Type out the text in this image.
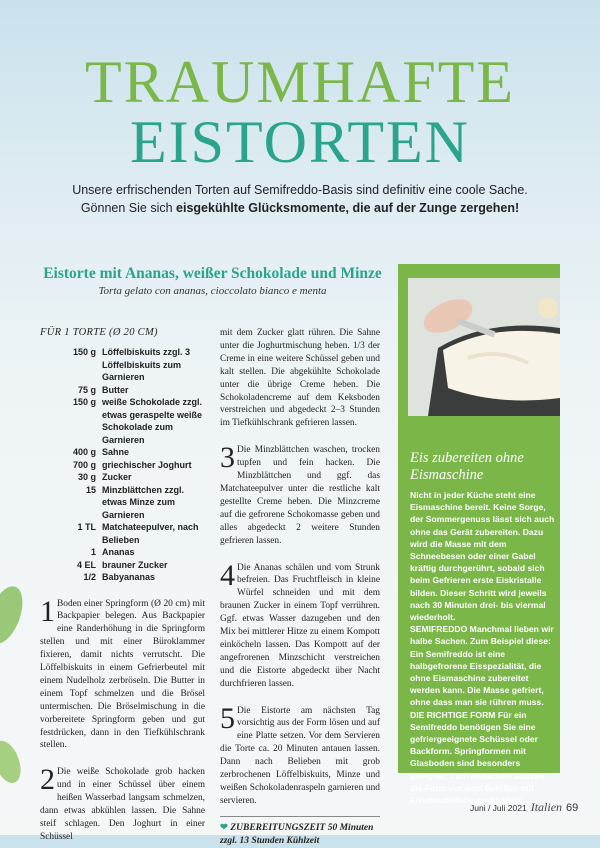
TRAUMHAFTE
EISTORTEN
Unsere erfrischenden Torten auf Semifreddo-Basis sind definitiv eine coole Sache.
Gönnen Sie sich eisgekühlte Glücksmomente, die auf der Zunge zergehen!
Eistorte mit Ananas, weißer Schokolade und Minze
Torta gelato con ananas, cioccolato bianco e menta
FÜR 1 TORTE (Ø 20 CM)
150 g Löffelbiskuits zzgl. 3 Löffelbiskuits zum Garnieren
75 g Butter
150 g weiße Schokolade zzgl. etwas geraspelte weiße Schokolade zum Garnieren
400 g Sahne
700 g griechischer Joghurt
30 g Zucker
15 Minzblättchen zzgl. etwas Minze zum Garnieren
1 TL Matchateepulver, nach Belieben
1 Ananas
4 EL brauner Zucker
1/2 Babyananas
1 Boden einer Springform (Ø 20 cm) mit Backpapier belegen. Aus Backpapier eine Randerhöhung in die Springform stellen und mit einer Büroklammer fixieren, damit nichts verrutscht. Die Löffelbiskuits in einem Gefrierbeutel mit einem Nudelholz zerbröseln. Die Butter in einem Topf schmelzen und die Brösel untermischen. Die Bröselmischung in die vorbereitete Springform geben und gut festdrücken, dann in den Tiefkühlschrank stellen.
2 Die weiße Schokolade grob hacken und in einer Schüssel über einem heißen Wasserbad langsam schmelzen, dann etwas abkühlen lassen. Die Sahne steif schlagen. Den Joghurt in einer Schüssel
mit dem Zucker glatt rühren. Die Sahne unter die Joghurtmischung heben. 1/3 der Creme in eine weitere Schüssel geben und kalt stellen. Die abgekühlte Schokolade unter die übrige Creme heben. Die Schokoladencreme auf dem Keksboden verstreichen und abgedeckt 2–3 Stunden im Tiefkühlschrank gefrieren lassen.
3 Die Minzblättchen waschen, trocken tupfen und fein hacken. Die Minzblättchen und ggf. das Matchateepulver unter die restliche kalt gestellte Creme heben. Die Minzcreme auf die gefrorene Schokomasse geben und alles abgedeckt 2 weitere Stunden gefrieren lassen.
4 Die Ananas schälen und vom Strunk befreien. Das Fruchtfleisch in kleine Würfel schneiden und mit dem braunen Zucker in einem Topf verrühren. Ggf. etwas Wasser dazugeben und den Mix bei mittlerer Hitze zu einem Kompott einköcheln lassen. Das Kompott auf der angefrorenen Minzschicht verstreichen und die Eistorte abgedeckt über Nacht durchfrieren lassen.
5 Die Eistorte am nächsten Tag vorsichtig aus der Form lösen und auf eine Platte setzen. Vor dem Servieren die Torte ca. 20 Minuten antauen lassen. Dann nach Belieben mit grob zerbrochenen Löffelbiskuits, Minze und weißen Schokoladenraspeln garnieren und servieren.
❤ ZUBEREITUNGSZEIT 50 Minuten zzgl. 13 Stunden Kühlzeit
Eis zubereiten ohne Eismaschine
Nicht in jeder Küche steht eine Eismaschine bereit. Keine Sorge, der Sommergenuss lässt sich auch ohne das Gerät zubereiten. Dazu wird die Masse mit dem Schneebesen oder einer Gabel kräftig durchgerührt, sobald sich beim Gefrieren erste Eiskristalle bilden. Dieser Schritt wird jeweils nach 30 Minuten drei- bis viermal wiederholt.
SEMIFREDDO Manchmal lieben wir halbe Sachen. Zum Beispiel diese: Ein Semifreddo ist eine halbgefrorene Eisspezialität, die ohne Eismaschine zubereitet werden kann. Die Masse gefriert, ohne dass man sie rühren muss.
DIE RICHTIGE FORM Für ein Semifreddo benötigen Sie eine gefriergeeignete Schüssel oder Backform. Springformen mit Glasboden sind besonders geeignet. Zum einfachen Stürzen die Form vor dem Befüllen mit Frischhaltefolie auskleiden!
Juni / Juli 2021 Italien 69
